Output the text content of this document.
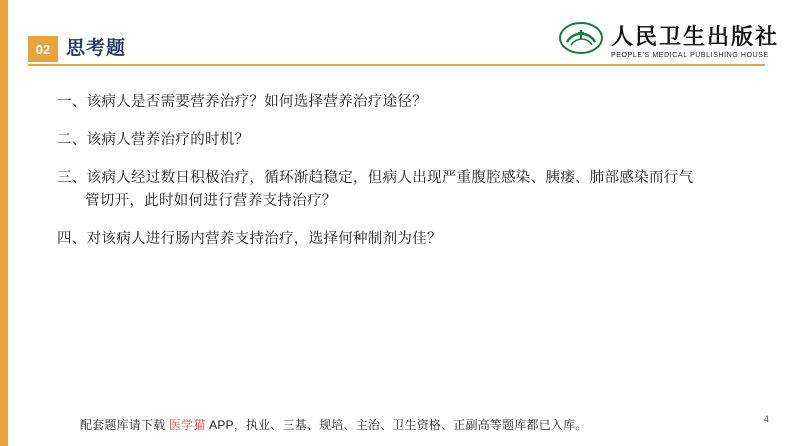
02 思考题	人民卫生出版社
PEOPLE'S MEDICAL PUBLISHING HOUSE
一、该病人是否需要营养治疗？如何选择营养治疗途径？
二、该病人营养治疗的时机？
三、该病人经过数日积极治疗，循环渐趋稳定，但病人出现严重腹腔感染、胰瘘、肺部感染而行气
管切开，此时如何进行营养支持治疗？
四、对该病人进行肠内营养支持治疗，选择何种制剂为佳？
配套题库请下载 医学猫 APP，执业、三基、规培、主治、卫生资格、正副高等题库都已入库。	4
